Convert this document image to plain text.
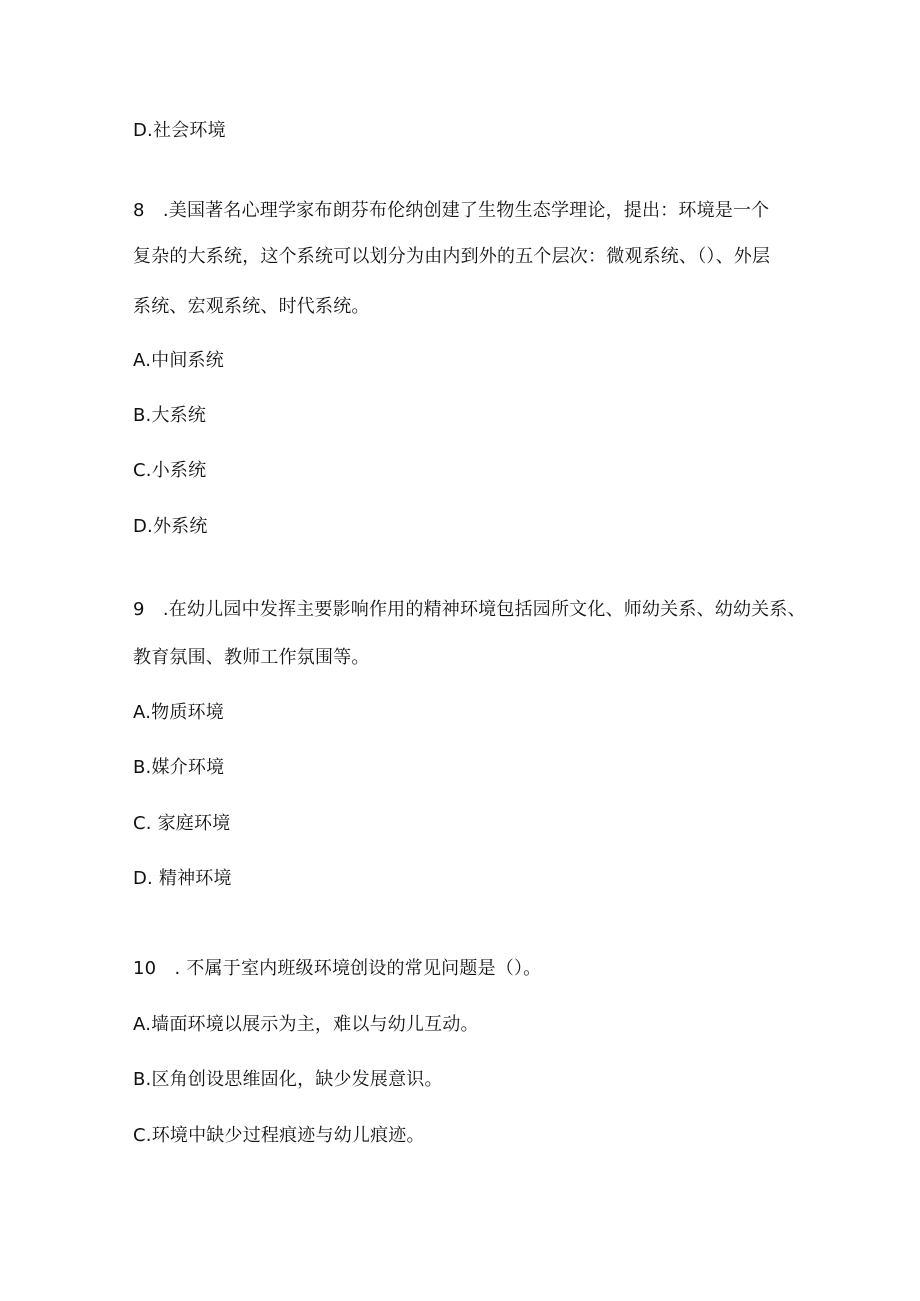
D.社会环境
8　.美国著名心理学家布朗芬布伦纳创建了生物生态学理论，提出：环境是一个
复杂的大系统，这个系统可以划分为由内到外的五个层次：微观系统、（）、外层
系统、宏观系统、时代系统。
A.中间系统
B.大系统
C.小系统
D.外系统
9　.在幼儿园中发挥主要影响作用的精神环境包括园所文化、师幼关系、幼幼关系、
教育氛围、教师工作氛围等。
A.物质环境
B.媒介环境
C. 家庭环境
D. 精神环境
10　. 不属于室内班级环境创设的常见问题是（）。
A.墙面环境以展示为主，难以与幼儿互动。
B.区角创设思维固化，缺少发展意识。
C.环境中缺少过程痕迹与幼儿痕迹。
